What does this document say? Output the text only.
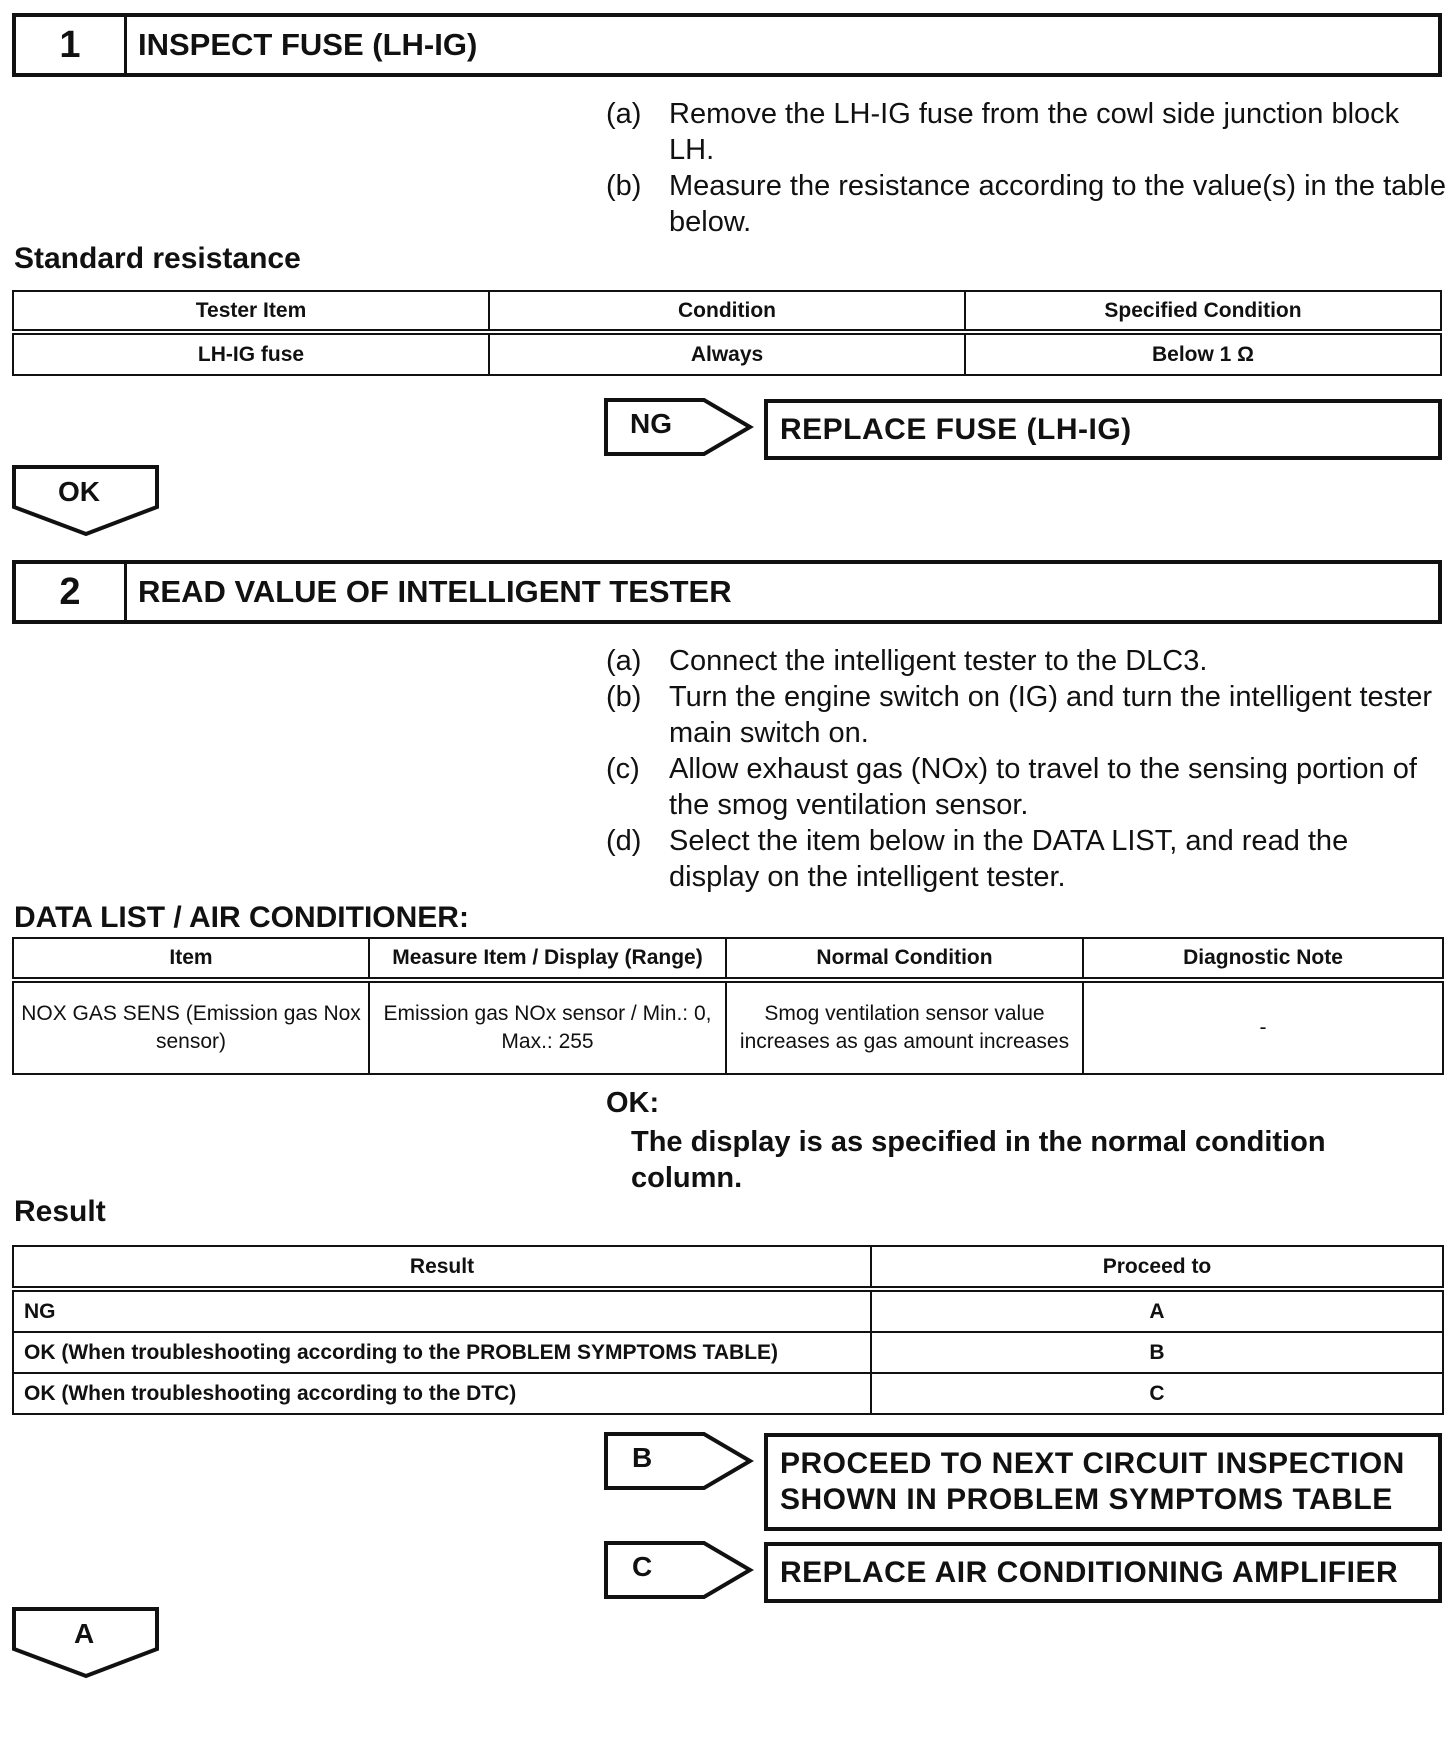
1	INSPECT FUSE (LH-IG)
(a) Remove the LH-IG fuse from the cowl side junction block LH.
(b) Measure the resistance according to the value(s) in the table below.
Standard resistance
Tester Item	Condition	Specified Condition
LH-IG fuse	Always	Below 1 Ω
NG	REPLACE FUSE (LH-IG)
OK
2	READ VALUE OF INTELLIGENT TESTER
(a) Connect the intelligent tester to the DLC3.
(b) Turn the engine switch on (IG) and turn the intelligent tester main switch on.
(c)	Allow exhaust gas (NOx) to travel to the sensing portion of the smog ventilation sensor.
(d) Select the item below in the DATA LIST, and read the display on the intelligent tester.
DATA LIST / AIR CONDITIONER:
Item	Measure Item / Display (Range)	Normal Condition	Diagnostic Note
NOX GAS SENS (Emission gas Nox sensor)	Emission gas NOx sensor / Min.: 0, Max.: 255	Smog ventilation sensor value increases as gas amount increases	-
OK:
The display is as specified in the normal condition column.
Result
Result	Proceed to
NG	A
OK (When troubleshooting according to the PROBLEM SYMPTOMS TABLE)	B
OK (When troubleshooting according to the DTC)	C
B	PROCEED TO NEXT CIRCUIT INSPECTION SHOWN IN PROBLEM SYMPTOMS TABLE
C	REPLACE AIR CONDITIONING AMPLIFIER
A
